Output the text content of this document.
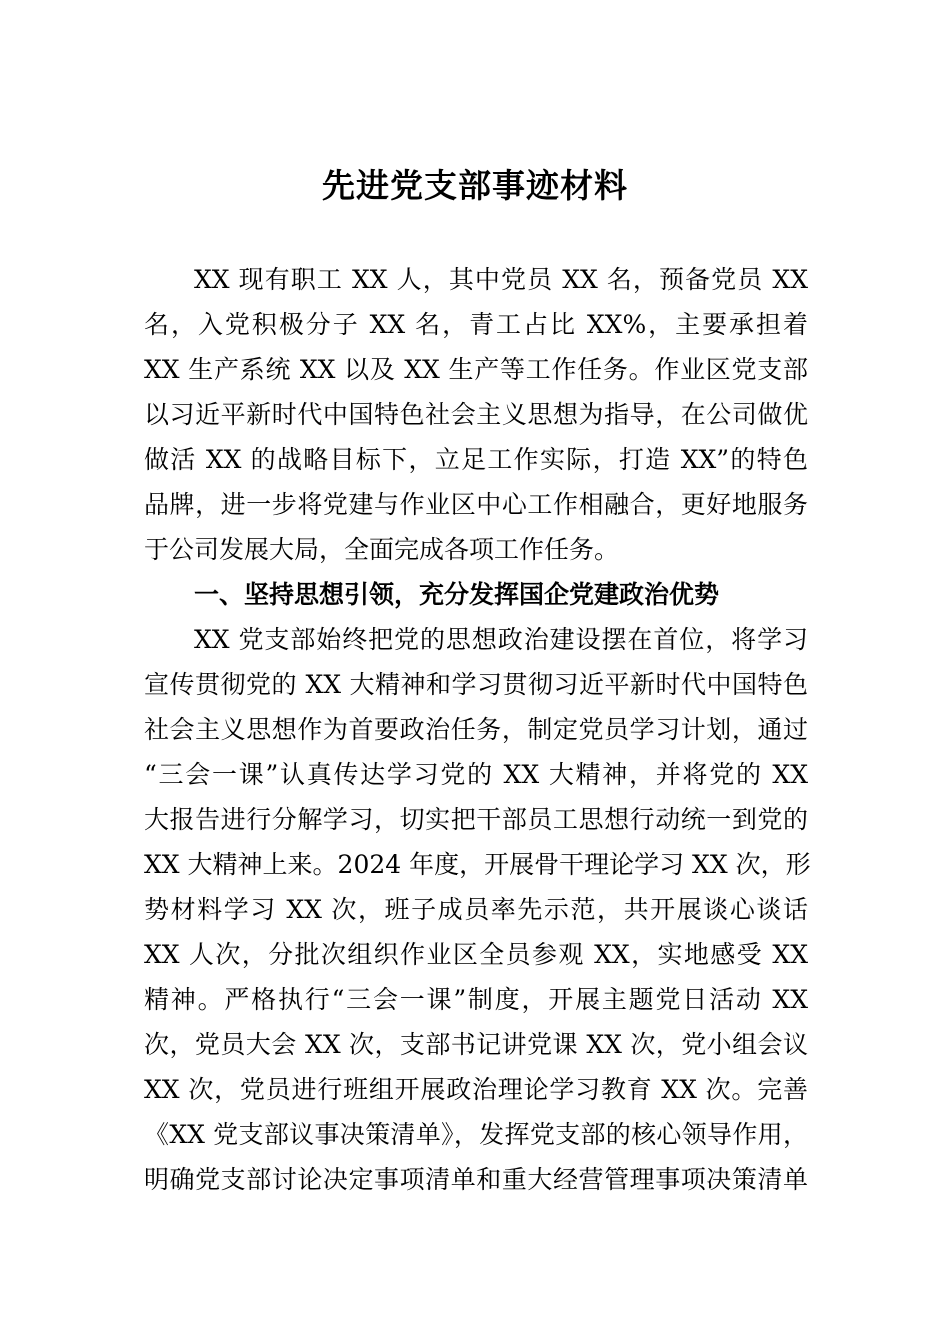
先进党支部事迹材料
XX 现有职工 XX 人，其中党员 XX 名，预备党员 XX
名，入党积极分子 XX 名，青工占比 XX%，主要承担着
XX 生产系统 XX 以及 XX 生产等工作任务。作业区党支部
以习近平新时代中国特色社会主义思想为指导，在公司做优
做活 XX 的战略目标下，立足工作实际，打造 XX”的特色
品牌，进一步将党建与作业区中心工作相融合，更好地服务
于公司发展大局，全面完成各项工作任务。
一、坚持思想引领，充分发挥国企党建政治优势
XX 党支部始终把党的思想政治建设摆在首位，将学习
宣传贯彻党的 XX 大精神和学习贯彻习近平新时代中国特色
社会主义思想作为首要政治任务，制定党员学习计划，通过
“三会一课”认真传达学习党的 XX 大精神，并将党的 XX
大报告进行分解学习，切实把干部员工思想行动统一到党的
XX 大精神上来。2024 年度，开展骨干理论学习 XX 次，形
势材料学习 XX 次，班子成员率先示范，共开展谈心谈话
XX 人次，分批次组织作业区全员参观 XX，实地感受 XX
精神。严格执行“三会一课”制度，开展主题党日活动 XX
次，党员大会 XX 次，支部书记讲党课 XX 次，党小组会议
XX 次，党员进行班组开展政治理论学习教育 XX 次。完善
《XX 党支部议事决策清单》，发挥党支部的核心领导作用，
明确党支部讨论决定事项清单和重大经营管理事项决策清单
